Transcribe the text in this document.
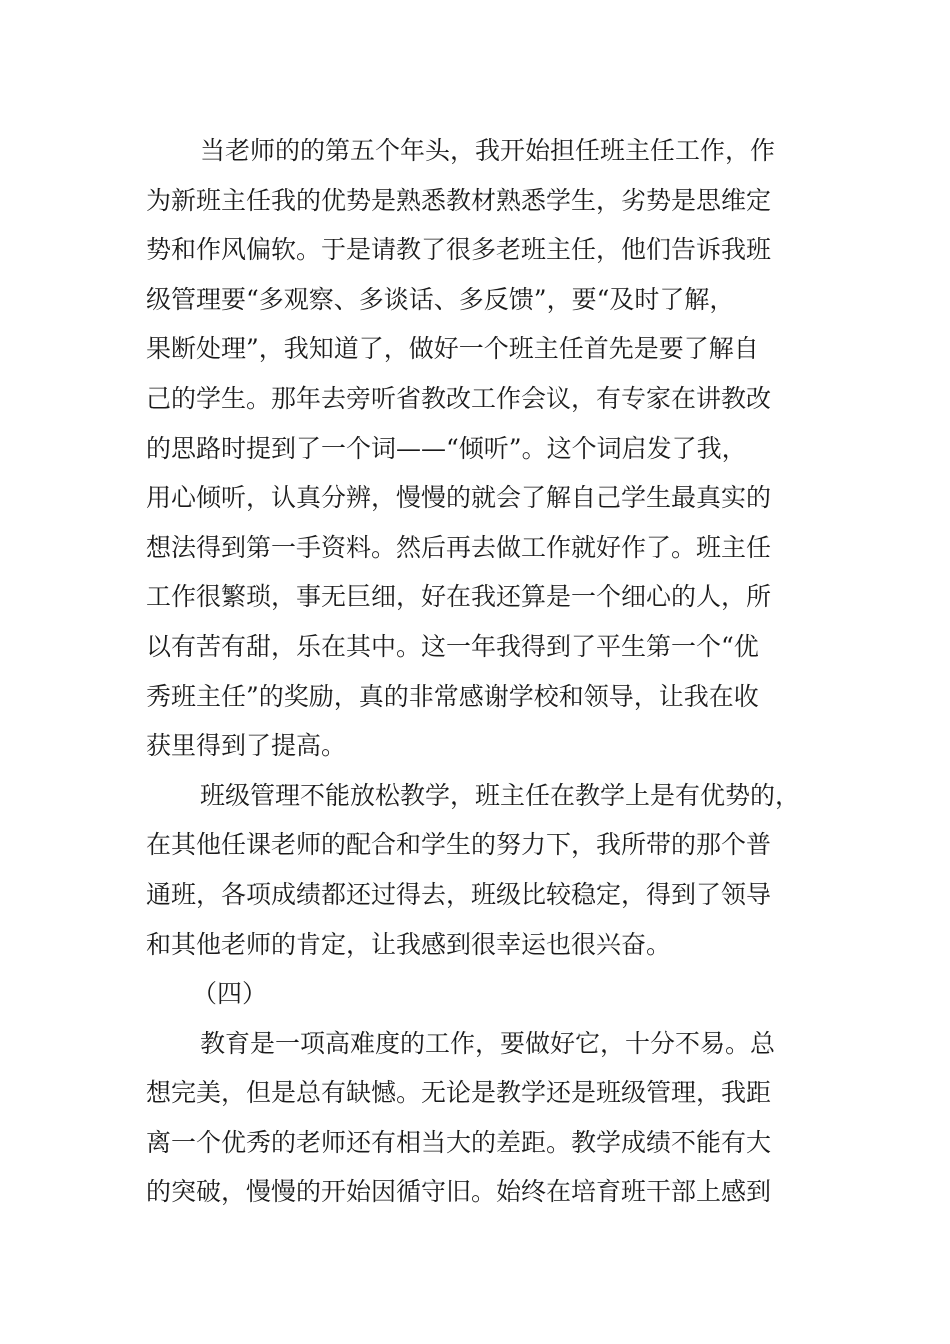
当老师的的第五个年头，我开始担任班主任工作，作
为新班主任我的优势是熟悉教材熟悉学生，劣势是思维定
势和作风偏软。于是请教了很多老班主任，他们告诉我班
级管理要“多观察、多谈话、多反馈”，要“及时了解，
果断处理”，我知道了，做好一个班主任首先是要了解自
己的学生。那年去旁听省教改工作会议，有专家在讲教改
的思路时提到了一个词——“倾听”。这个词启发了我，
用心倾听，认真分辨，慢慢的就会了解自己学生最真实的
想法得到第一手资料。然后再去做工作就好作了。班主任
工作很繁琐，事无巨细，好在我还算是一个细心的人，所
以有苦有甜，乐在其中。这一年我得到了平生第一个“优
秀班主任”的奖励，真的非常感谢学校和领导，让我在收
获里得到了提高。

班级管理不能放松教学，班主任在教学上是有优势的，
在其他任课老师的配合和学生的努力下，我所带的那个普
通班，各项成绩都还过得去，班级比较稳定，得到了领导
和其他老师的肯定，让我感到很幸运也很兴奋。

（四）

教育是一项高难度的工作，要做好它，十分不易。总
想完美，但是总有缺憾。无论是教学还是班级管理，我距
离一个优秀的老师还有相当大的差距。教学成绩不能有大
的突破，慢慢的开始因循守旧。始终在培育班干部上感到
